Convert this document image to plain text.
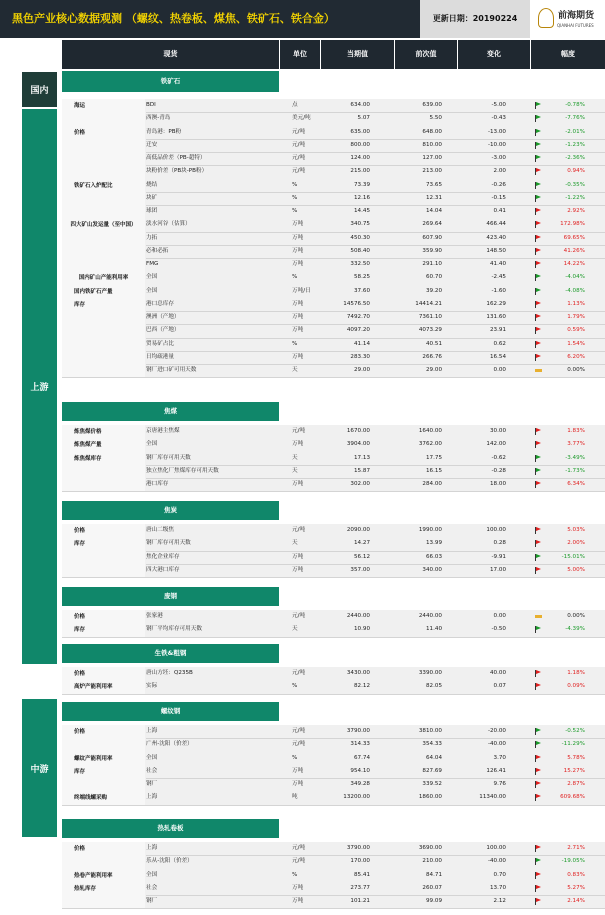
黑色产业核心数据观测 （螺纹、热卷板、煤焦、铁矿石、铁合金）	更新日期：20190224	前海期货
QIANHAI FUTURES
现货	单位	当期值	前次值	变化	幅度
国内
上游
中游
铁矿石
海运	BDI	点	634.00	639.00	-5.00	-0.78%
西澳-青岛	美元/吨	5.07	5.50	-0.43	-7.76%
价格	青岛港：PB粉	元/吨	635.00	648.00	-13.00	-2.01%
迁安	元/吨	800.00	810.00	-10.00	-1.23%
高低品价差（PB-超特）	元/吨	124.00	127.00	-3.00	-2.36%
块粉价差（PB块-PB粉）	元/吨	215.00	213.00	2.00	0.94%
铁矿石入炉配比	烧结	%	73.39	73.65	-0.26	-0.35%
块矿	%	12.16	12.31	-0.15	-1.22%
球团	%	14.45	14.04	0.41	2.92%
四大矿山发运量（至中国）	淡水河谷（估算）	万吨	340.75	269.64	466.44	172.98%
力拓	万吨	450.30	607.90	423.40	69.65%
必和必拓	万吨	508.40	359.90	148.50	41.26%
FMG	万吨	332.50	291.10	41.40	14.22%
国内矿山产能利用率	全国	%	58.25	60.70	-2.45	-4.04%
国内铁矿石产量	全国	万吨/日	37.60	39.20	-1.60	-4.08%
库存	港口总库存	万吨	14576.50	14414.21	162.29	1.13%
澳洲（产地）	万吨	7492.70	7361.10	131.60	1.79%
巴西（产地）	万吨	4097.20	4073.29	23.91	0.59%
贸易矿占比	%	41.14	40.51	0.62	1.54%
日均疏港量	万吨	283.30	266.76	16.54	6.20%
钢厂进口矿可用天数	天	29.00	29.00	0.00	0.00%
焦煤
炼焦煤价格	京唐港主焦煤	元/吨	1670.00	1640.00	30.00	1.83%
炼焦煤产量	全国	万吨	3904.00	3762.00	142.00	3.77%
炼焦煤库存	钢厂库存可用天数	天	17.13	17.75	-0.62	-3.49%
独立焦化厂焦煤库存可用天数	天	15.87	16.15	-0.28	-1.73%
港口库存	万吨	302.00	284.00	18.00	6.34%
焦炭
价格	唐山二级焦	元/吨	2090.00	1990.00	100.00	5.03%
库存	钢厂库存可用天数	天	14.27	13.99	0.28	2.00%
焦化企业库存	万吨	56.12	66.03	-9.91	-15.01%
四大港口库存	万吨	357.00	340.00	17.00	5.00%
废钢
价格	张家港	元/吨	2440.00	2440.00	0.00	0.00%
库存	钢厂平均库存可用天数	天	10.90	11.40	-0.50	-4.39%
生铁&粗钢
价格	唐山方坯：Q235B	元/吨	3430.00	3390.00	40.00	1.18%
高炉产能利用率	实际	%	82.12	82.05	0.07	0.09%
螺纹钢
价格	上海	元/吨	3790.00	3810.00	-20.00	-0.52%
广州-沈阳（价差）	元/吨	314.33	354.33	-40.00	-11.29%
螺纹产能利用率	全国	%	67.74	64.04	3.70	5.78%
库存	社会	万吨	954.10	827.69	126.41	15.27%
钢厂	万吨	349.28	339.52	9.76	2.87%
终端线螺采购	上海	吨	13200.00	1860.00	11340.00	609.68%
热轧卷板
价格	上海	元/吨	3790.00	3690.00	100.00	2.71%
乐从-沈阳（价差）	元/吨	170.00	210.00	-40.00	-19.05%
热卷产能利用率	全国	%	85.41	84.71	0.70	0.83%
热轧库存	社会	万吨	273.77	260.07	13.70	5.27%
钢厂	万吨	101.21	99.09	2.12	2.14%
